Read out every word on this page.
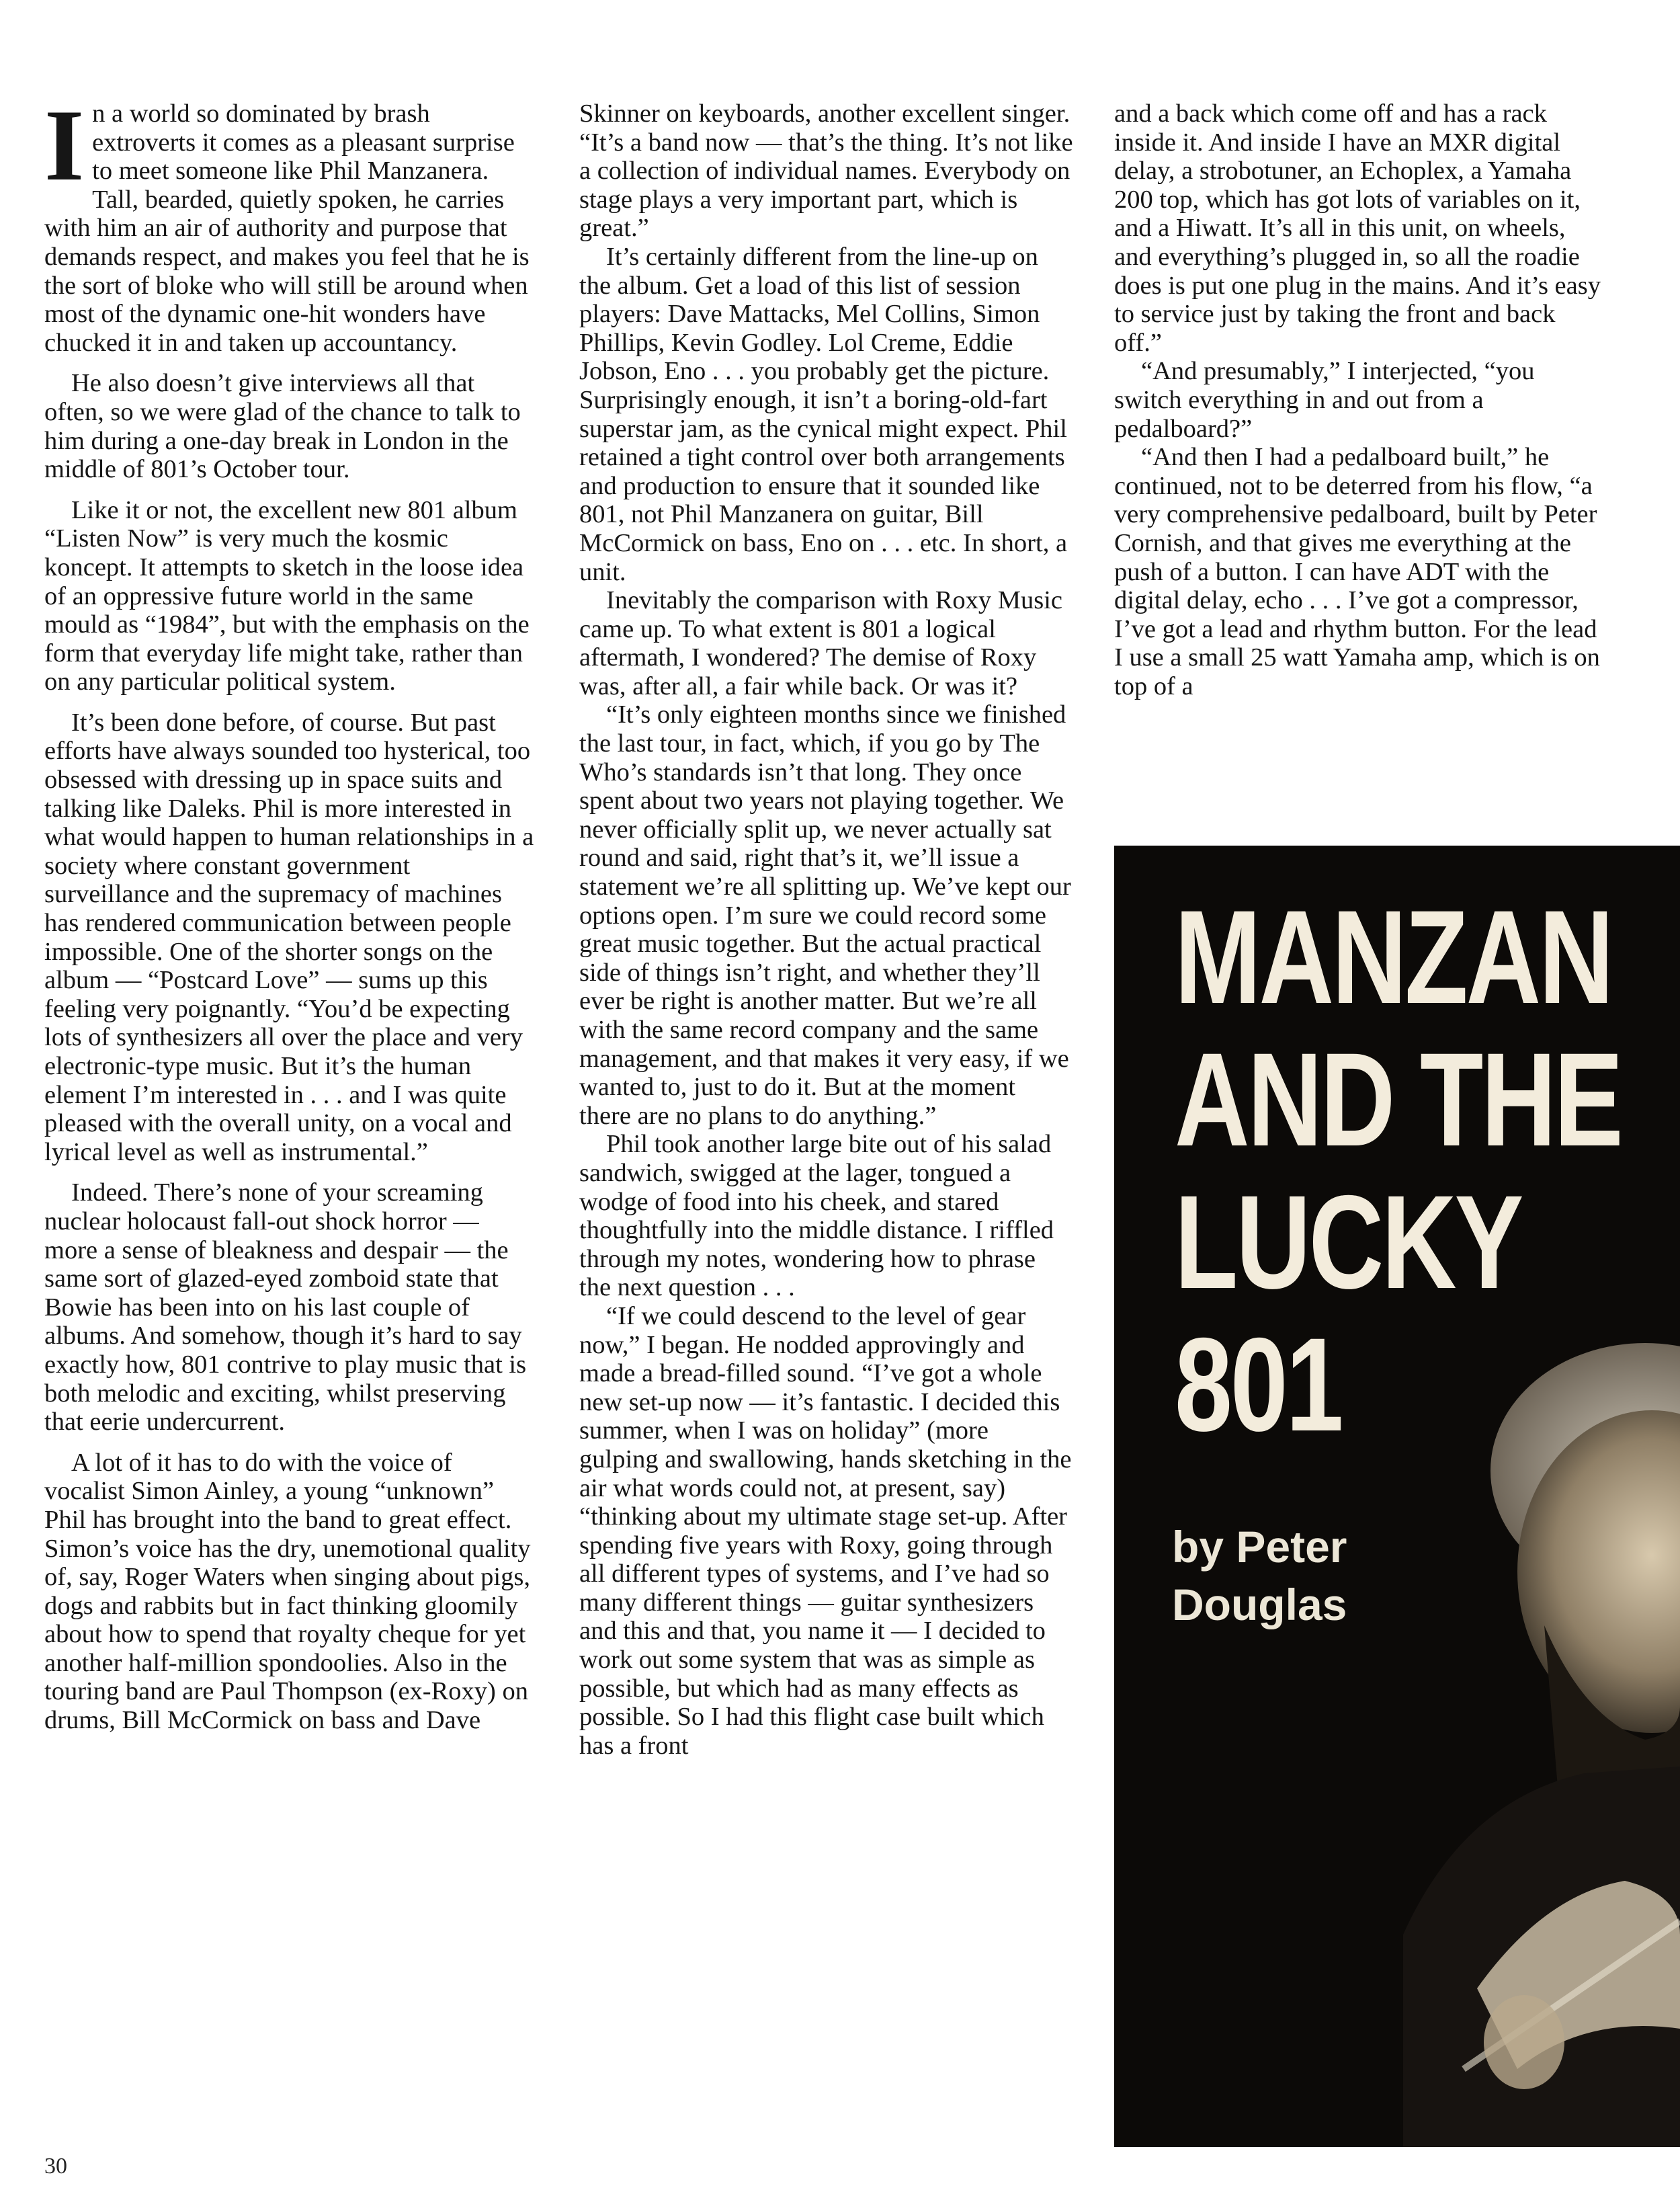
In a world so dominated by brash extroverts it comes as a pleasant surprise to meet someone like Phil Manzanera. Tall, bearded, quietly spoken, he carries with him an air of authority and purpose that demands respect, and makes you feel that he is the sort of bloke who will still be around when most of the dynamic one-hit wonders have chucked it in and taken up accountancy.

He also doesn’t give interviews all that often, so we were glad of the chance to talk to him during a one-day break in London in the middle of 801’s October tour.

Like it or not, the excellent new 801 album “Listen Now” is very much the kosmic koncept. It attempts to sketch in the loose idea of an oppressive future world in the same mould as “1984”, but with the emphasis on the form that everyday life might take, rather than on any particular political system.

It’s been done before, of course. But past efforts have always sounded too hysterical, too obsessed with dressing up in space suits and talking like Daleks. Phil is more interested in what would happen to human relationships in a society where constant government surveillance and the supremacy of machines has rendered communication between people impossible. One of the shorter songs on the album — “Postcard Love” — sums up this feeling very poignantly. “You’d be expecting lots of synthesizers all over the place and very electronic-type music. But it’s the human element I’m interested in . . . and I was quite pleased with the overall unity, on a vocal and lyrical level as well as instrumental.”

Indeed. There’s none of your screaming nuclear holocaust fall-out shock horror — more a sense of bleakness and despair — the same sort of glazed-eyed zomboid state that Bowie has been into on his last couple of albums. And somehow, though it’s hard to say exactly how, 801 contrive to play music that is both melodic and exciting, whilst preserving that eerie undercurrent.

A lot of it has to do with the voice of vocalist Simon Ainley, a young “unknown” Phil has brought into the band to great effect. Simon’s voice has the dry, unemotional quality of, say, Roger Waters when singing about pigs, dogs and rabbits but in fact thinking gloomily about how to spend that royalty cheque for yet another half-million spondoolies. Also in the touring band are Paul Thompson (ex-Roxy) on drums, Bill McCormick on bass and Dave

Skinner on keyboards, another excellent singer. “It’s a band now — that’s the thing. It’s not like a collection of individual names. Everybody on stage plays a very important part, which is great.”

It’s certainly different from the line-up on the album. Get a load of this list of session players: Dave Mattacks, Mel Collins, Simon Phillips, Kevin Godley. Lol Creme, Eddie Jobson, Eno . . . you probably get the picture. Surprisingly enough, it isn’t a boring-old-fart superstar jam, as the cynical might expect. Phil retained a tight control over both arrangements and production to ensure that it sounded like 801, not Phil Manzanera on guitar, Bill McCormick on bass, Eno on . . . etc. In short, a unit.

Inevitably the comparison with Roxy Music came up. To what extent is 801 a logical aftermath, I wondered? The demise of Roxy was, after all, a fair while back. Or was it?

“It’s only eighteen months since we finished the last tour, in fact, which, if you go by The Who’s standards isn’t that long. They once spent about two years not playing together. We never officially split up, we never actually sat round and said, right that’s it, we’ll issue a statement we’re all splitting up. We’ve kept our options open. I’m sure we could record some great music together. But the actual practical side of things isn’t right, and whether they’ll ever be right is another matter. But we’re all with the same record company and the same management, and that makes it very easy, if we wanted to, just to do it. But at the moment there are no plans to do anything.”

Phil took another large bite out of his salad sandwich, swigged at the lager, tongued a wodge of food into his cheek, and stared thoughtfully into the middle distance. I riffled through my notes, wondering how to phrase the next question . . .

“If we could descend to the level of gear now,” I began. He nodded approvingly and made a bread-filled sound. “I’ve got a whole new set-up now — it’s fantastic. I decided this summer, when I was on holiday” (more gulping and swallowing, hands sketching in the air what words could not, at present, say) “thinking about my ultimate stage set-up. After spending five years with Roxy, going through all different types of systems, and I’ve had so many different things — guitar synthesizers and this and that, you name it — I decided to work out some system that was as simple as possible, but which had as many effects as possible. So I had this flight case built which has a front

and a back which come off and has a rack inside it. And inside I have an MXR digital delay, a strobotuner, an Echoplex, a Yamaha 200 top, which has got lots of variables on it, and a Hiwatt. It’s all in this unit, on wheels, and everything’s plugged in, so all the roadie does is put one plug in the mains. And it’s easy to service just by taking the front and back off.”

“And presumably,” I interjected, “you switch everything in and out from a pedalboard?”

“And then I had a pedalboard built,” he continued, not to be deterred from his flow, “a very comprehensive pedalboard, built by Peter Cornish, and that gives me everything at the push of a button. I can have ADT with the digital delay, echo . . . I’ve got a compressor, I’ve got a lead and rhythm button. For the lead I use a small 25 watt Yamaha amp, which is on top of a

MANZAN
AND THE
LUCKY
801
by Peter
Douglas
30
